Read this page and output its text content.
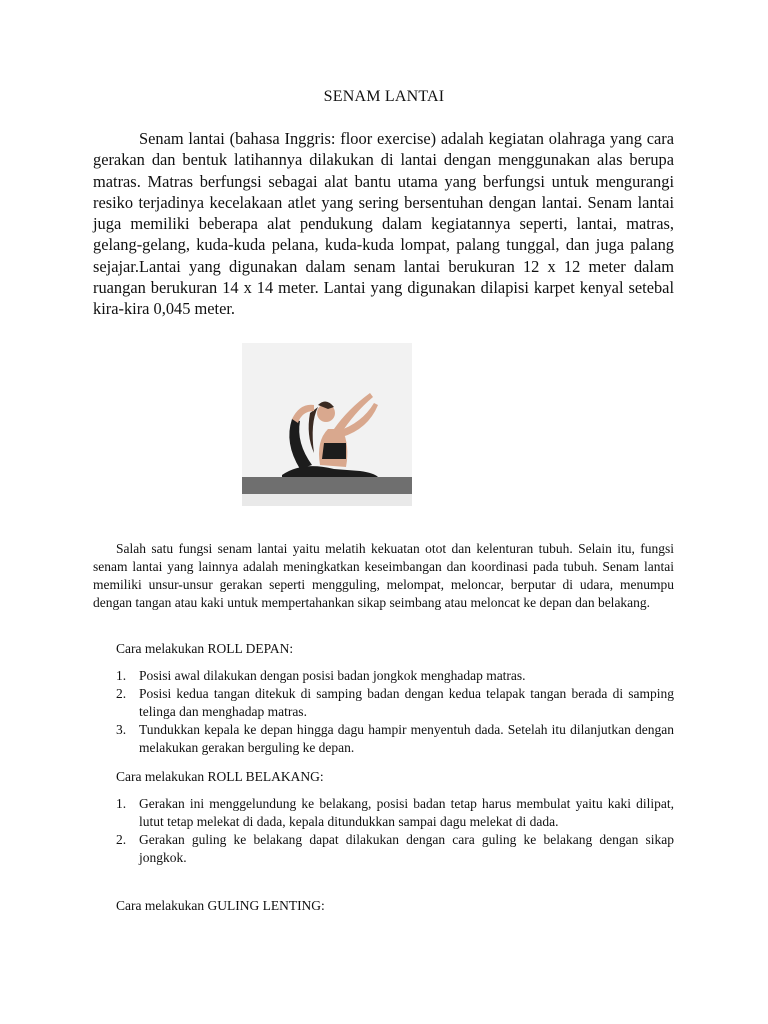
SENAM LANTAI

Senam lantai (bahasa Inggris: floor exercise) adalah kegiatan olahraga yang cara gerakan dan bentuk latihannya dilakukan di lantai dengan menggunakan alas berupa matras. Matras berfungsi sebagai alat bantu utama yang berfungsi untuk mengurangi resiko terjadinya kecelakaan atlet yang sering bersentuhan dengan lantai. Senam lantai juga memiliki beberapa alat pendukung dalam kegiatannya seperti, lantai, matras, gelang-gelang, kuda-kuda pelana, kuda-kuda lompat, palang tunggal, dan juga palang sejajar.Lantai yang digunakan dalam senam lantai berukuran 12 x 12 meter dalam ruangan berukuran 14 x 14 meter. Lantai yang digunakan dilapisi karpet kenyal setebal kira-kira 0,045 meter.

Salah satu fungsi senam lantai yaitu melatih kekuatan otot dan kelenturan tubuh. Selain itu, fungsi senam lantai yang lainnya adalah meningkatkan keseimbangan dan koordinasi pada tubuh. Senam lantai memiliki unsur-unsur gerakan seperti mengguling, melompat, meloncar, berputar di udara, menumpu dengan tangan atau kaki untuk mempertahankan sikap seimbang atau meloncat ke depan dan belakang.

Cara melakukan ROLL DEPAN:

1. Posisi awal dilakukan dengan posisi badan jongkok menghadap matras.
2. Posisi kedua tangan ditekuk di samping badan dengan kedua telapak tangan berada di samping telinga dan menghadap matras.
3. Tundukkan kepala ke depan hingga dagu hampir menyentuh dada. Setelah itu dilanjutkan dengan melakukan gerakan berguling ke depan.

Cara melakukan ROLL BELAKANG:

1. Gerakan ini menggelundung ke belakang, posisi badan tetap harus membulat yaitu kaki dilipat, lutut tetap melekat di dada, kepala ditundukkan sampai dagu melekat di dada.
2. Gerakan guling ke belakang dapat dilakukan dengan cara guling ke belakang dengan sikap jongkok.

Cara melakukan GULING LENTING:
